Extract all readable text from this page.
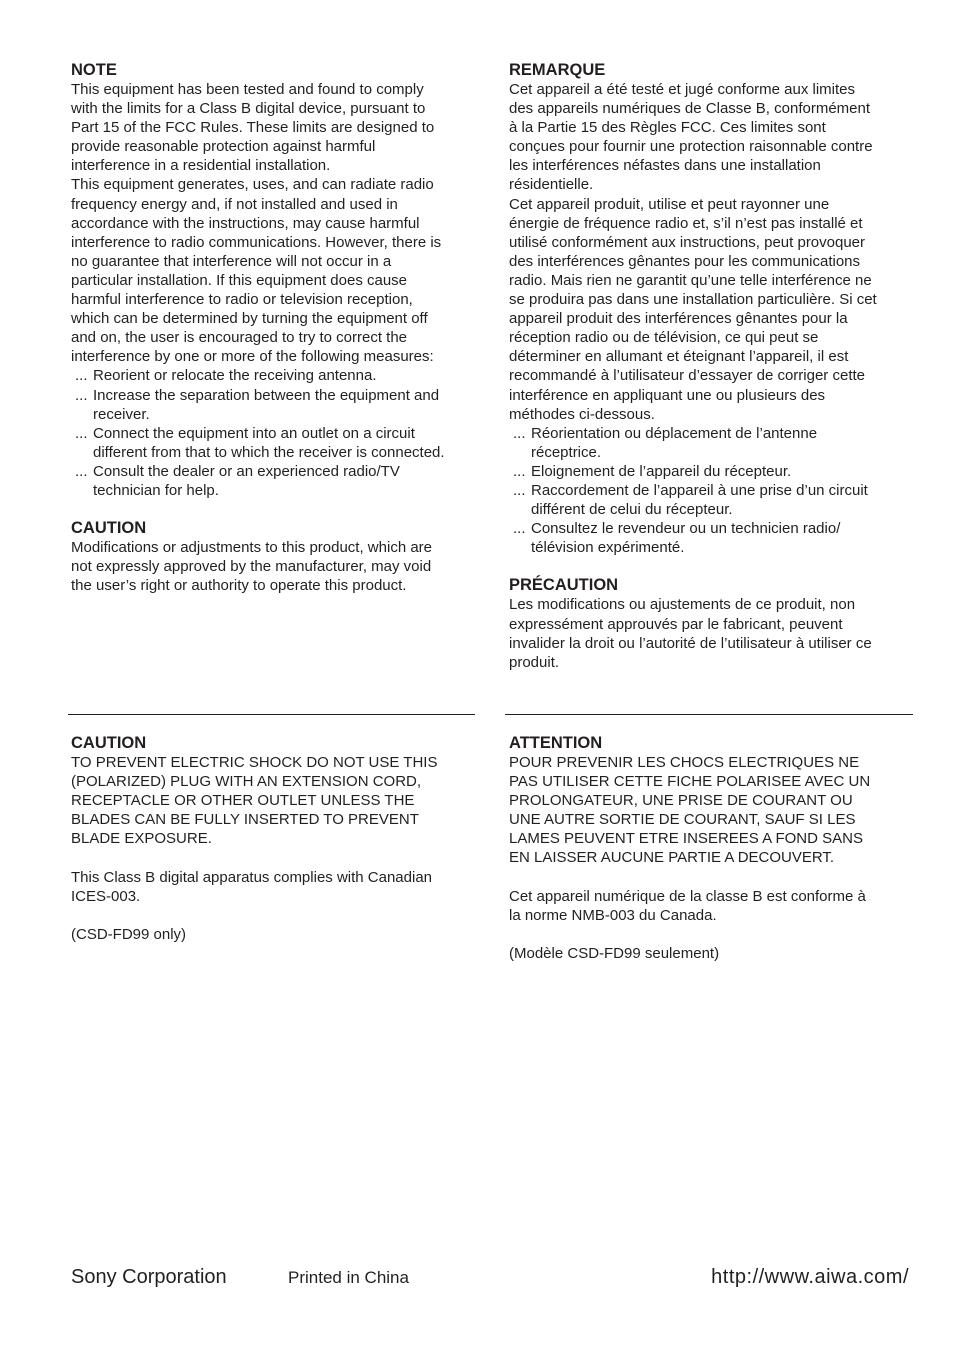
NOTE

This equipment has been tested and found to comply
with the limits for a Class B digital device, pursuant to
Part 15 of the FCC Rules. These limits are designed to
provide reasonable protection against harmful
interference in a residential installation.

This equipment generates, uses, and can radiate radio
frequency energy and, if not installed and used in
accordance with the instructions, may cause harmful
interference to radio communications. However, there is
no guarantee that interference will not occur in a
particular installation. If this equipment does cause
harmful interference to radio or television reception,
which can be determined by turning the equipment off
and on, the user is encouraged to try to correct the
interference by one or more of the following measures:

... Reorient or relocate the receiving antenna.
... Increase the separation between the equipment and
receiver.
... Connect the equipment into an outlet on a circuit
different from that to which the receiver is connected.
... Consult the dealer or an experienced radio/TV
technician for help.

CAUTION

Modifications or adjustments to this product, which are
not expressly approved by the manufacturer, may void
the user’s right or authority to operate this product.

REMARQUE

Cet appareil a été testé et jugé conforme aux limites
des appareils numériques de Classe B, conformément
à la Partie 15 des Règles FCC. Ces limites sont
conçues pour fournir une protection raisonnable contre
les interférences néfastes dans une installation
résidentielle.

Cet appareil produit, utilise et peut rayonner une
énergie de fréquence radio et, s’il n’est pas installé et
utilisé conformément aux instructions, peut provoquer
des interférences gênantes pour les communications
radio. Mais rien ne garantit qu’une telle interférence ne
se produira pas dans une installation particulière. Si cet
appareil produit des interférences gênantes pour la
réception radio ou de télévision, ce qui peut se
déterminer en allumant et éteignant l’appareil, il est
recommandé à l’utilisateur d’essayer de corriger cette
interférence en appliquant une ou plusieurs des
méthodes ci-dessous.

... Réorientation ou déplacement de l’antenne
réceptrice.
... Eloignement de l’appareil du récepteur.
... Raccordement de l’appareil à une prise d’un circuit
différent de celui du récepteur.
... Consultez le revendeur ou un technicien radio/
télévision expérimenté.

PRÉCAUTION

Les modifications ou ajustements de ce produit, non
expressément approuvés par le fabricant, peuvent
invalider la droit ou l’autorité de l’utilisateur à utiliser ce
produit.

CAUTION

TO PREVENT ELECTRIC SHOCK DO NOT USE THIS
(POLARIZED) PLUG WITH AN EXTENSION CORD,
RECEPTACLE OR OTHER OUTLET UNLESS THE
BLADES CAN BE FULLY INSERTED TO PREVENT
BLADE EXPOSURE.

This Class B digital apparatus complies with Canadian
ICES-003.

(CSD-FD99 only)

ATTENTION

POUR PREVENIR LES CHOCS ELECTRIQUES NE
PAS UTILISER CETTE FICHE POLARISEE AVEC UN
PROLONGATEUR, UNE PRISE DE COURANT OU
UNE AUTRE SORTIE DE COURANT, SAUF SI LES
LAMES PEUVENT ETRE INSEREES A FOND SANS
EN LAISSER AUCUNE PARTIE A DECOUVERT.

Cet appareil numérique de la classe B est conforme à
la norme NMB-003 du Canada.

(Modèle CSD-FD99 seulement)

Sony Corporation	Printed in China	http://www.aiwa.com/
